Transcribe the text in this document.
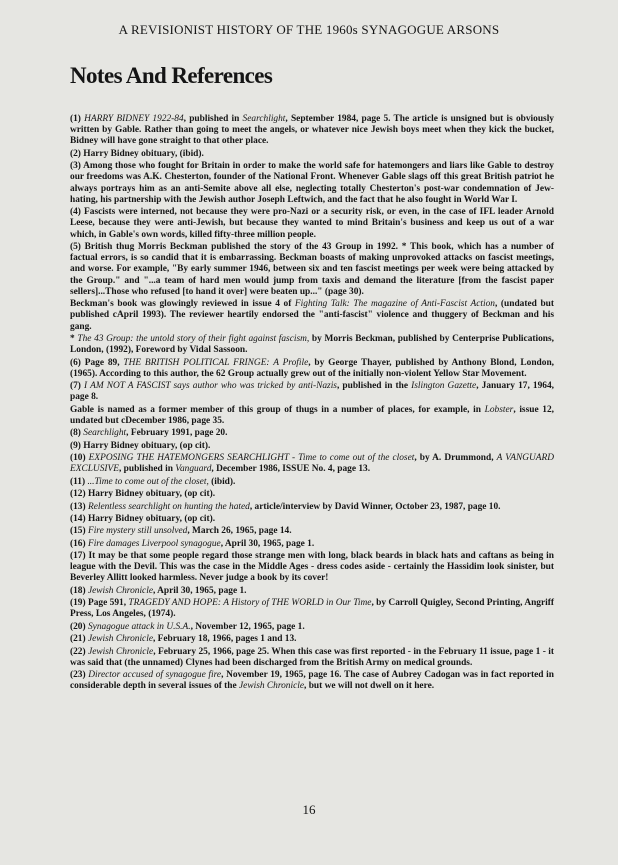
A REVISIONIST HISTORY OF THE 1960s SYNAGOGUE ARSONS
Notes And References

(1) HARRY BIDNEY 1922-84, published in Searchlight, September 1984, page 5. The article is unsigned but is obviously written by Gable. Rather than going to meet the angels, or whatever nice Jewish boys meet when they kick the bucket, Bidney will have gone straight to that other place.

(2) Harry Bidney obituary, (ibid).

(3) Among those who fought for Britain in order to make the world safe for hatemongers and liars like Gable to destroy our freedoms was A.K. Chesterton, founder of the National Front. Whenever Gable slags off this great British patriot he always portrays him as an anti-Semite above all else, neglecting totally Chesterton's post-war condemnation of Jew-hating, his partnership with the Jewish author Joseph Leftwich, and the fact that he also fought in World War I.

(4) Fascists were interned, not because they were pro-Nazi or a security risk, or even, in the case of IFL leader Arnold Leese, because they were anti-Jewish, but because they wanted to mind Britain's business and keep us out of a war which, in Gable's own words, killed fifty-three million people.

(5) British thug Morris Beckman published the story of the 43 Group in 1992. * This book, which has a number of factual errors, is so candid that it is embarrassing. Beckman boasts of making unprovoked attacks on fascist meetings, and worse. For example, "By early summer 1946, between six and ten fascist meetings per week were being attacked by the Group." and "...a team of hard men would jump from taxis and demand the literature [from the fascist paper sellers]...Those who refused [to hand it over] were beaten up..." (page 30).

Beckman's book was glowingly reviewed in issue 4 of Fighting Talk: The magazine of Anti-Fascist Action, (undated but published cApril 1993). The reviewer heartily endorsed the "anti-fascist" violence and thuggery of Beckman and his gang.

* The 43 Group: the untold story of their fight against fascism, by Morris Beckman, published by Centerprise Publications, London, (1992), Foreword by Vidal Sassoon.

(6) Page 89, THE BRITISH POLITICAL FRINGE: A Profile, by George Thayer, published by Anthony Blond, London, (1965). According to this author, the 62 Group actually grew out of the initially non-violent Yellow Star Movement.

(7) I AM NOT A FASCIST says author who was tricked by anti-Nazis, published in the Islington Gazette, January 17, 1964, page 8.

Gable is named as a former member of this group of thugs in a number of places, for example, in Lobster, issue 12, undated but cDecember 1986, page 35.

(8) Searchlight, February 1991, page 20.

(9) Harry Bidney obituary, (op cit).

(10) EXPOSING THE HATEMONGERS SEARCHLIGHT - Time to come out of the closet, by A. Drummond, A VANGUARD EXCLUSIVE, published in Vanguard, December 1986, ISSUE No. 4, page 13.

(11) ...Time to come out of the closet, (ibid).

(12) Harry Bidney obituary, (op cit).

(13) Relentless searchlight on hunting the hated, article/interview by David Winner, October 23, 1987, page 10.

(14) Harry Bidney obituary, (op cit).

(15) Fire mystery still unsolved, March 26, 1965, page 14.

(16) Fire damages Liverpool synagogue, April 30, 1965, page 1.

(17) It may be that some people regard those strange men with long, black beards in black hats and caftans as being in league with the Devil. This was the case in the Middle Ages - dress codes aside - certainly the Hassidim look sinister, but Beverley Allitt looked harmless. Never judge a book by its cover!

(18) Jewish Chronicle, April 30, 1965, page 1.

(19) Page 591, TRAGEDY AND HOPE: A History of THE WORLD in Our Time, by Carroll Quigley, Second Printing, Angriff Press, Los Angeles, (1974).

(20) Synagogue attack in U.S.A., November 12, 1965, page 1.

(21) Jewish Chronicle, February 18, 1966, pages 1 and 13.

(22) Jewish Chronicle, February 25, 1966, page 25. When this case was first reported - in the February 11 issue, page 1 - it was said that (the unnamed) Clynes had been discharged from the British Army on medical grounds.

(23) Director accused of synagogue fire, November 19, 1965, page 16. The case of Aubrey Cadogan was in fact reported in considerable depth in several issues of the Jewish Chronicle, but we will not dwell on it here.

16
